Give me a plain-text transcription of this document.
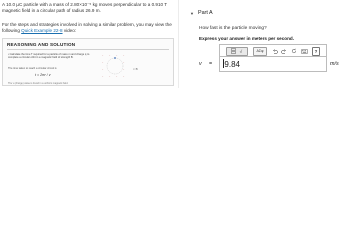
A 10.0 µC particle with a mass of 2.80×10⁻⁵ kg moves perpendicular to a 0.910 T magnetic field in a circular path of radius 26.9 m.

For the steps and strategies involved in solving a similar problem, you may view the following Quick Example 22-8 video:

REASONING AND SOLUTION
• Calculate the time T required for a particle of mass m and charge q to complete a circular orbit in a magnetic field of strength B.
The time taken to reach a circular circuit is
t = 2πr / v
The v (charge) value is found in a uniform magnetic field.
×	×	×	×
×	×
×	×
×	×	×	×
× B
▼ Part A
How fast is the particle moving?
Express your answer in meters per second.
√	ΑΣφ	?
v = 9.84	m/s
